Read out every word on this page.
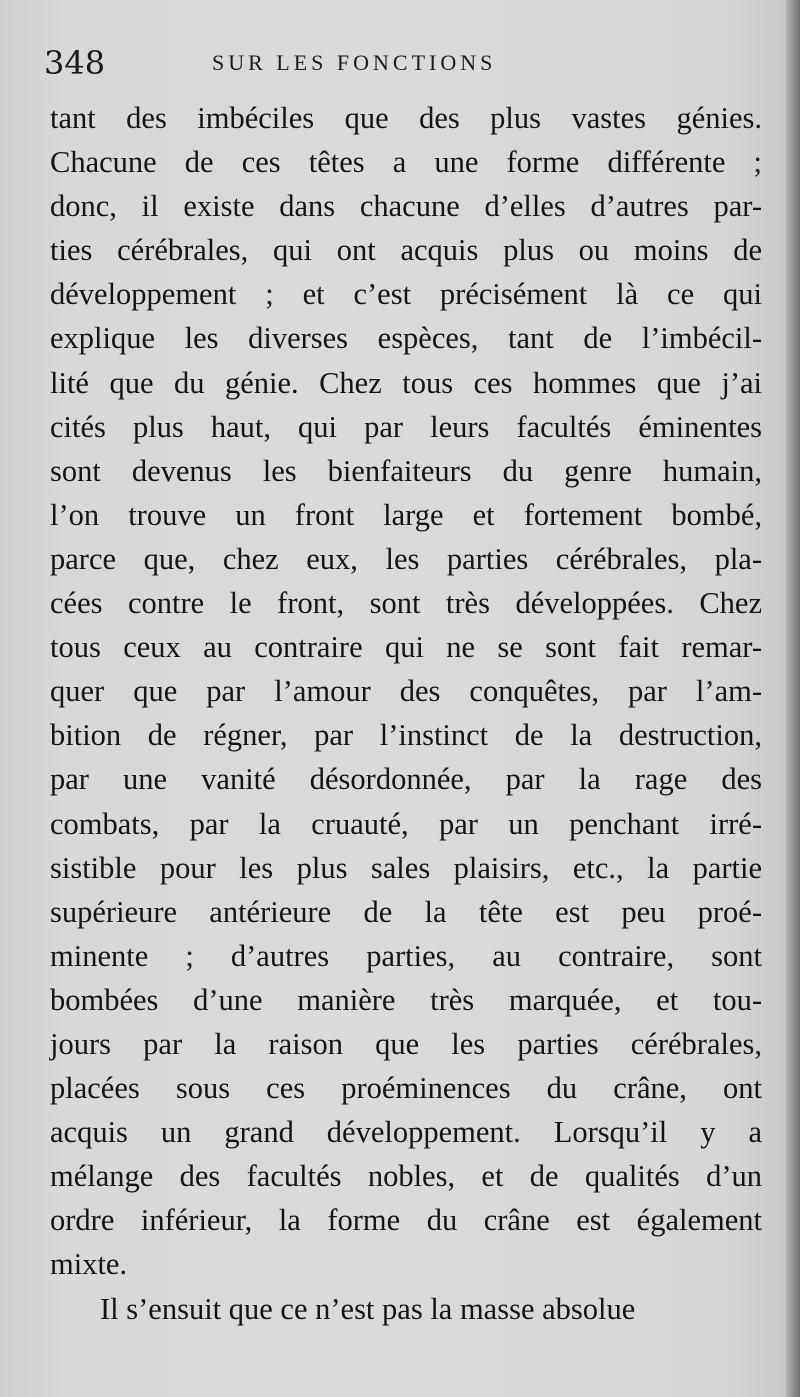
348	SUR LES FONCTIONS
tant des imbéciles que des plus vastes génies.
Chacune de ces têtes a une forme différente ;
donc, il existe dans chacune d’elles d’autres par-
ties cérébrales, qui ont acquis plus ou moins de
développement ; et c’est précisément là ce qui
explique les diverses espèces, tant de l’imbécil-
lité que du génie. Chez tous ces hommes que j’ai
cités plus haut, qui par leurs facultés éminentes
sont devenus les bienfaiteurs du genre humain,
l’on trouve un front large et fortement bombé,
parce que, chez eux, les parties cérébrales, pla-
cées contre le front, sont très développées. Chez
tous ceux au contraire qui ne se sont fait remar-
quer que par l’amour des conquêtes, par l’am-
bition de régner, par l’instinct de la destruction,
par une vanité désordonnée, par la rage des
combats, par la cruauté, par un penchant irré-
sistible pour les plus sales plaisirs, etc., la partie
supérieure antérieure de la tête est peu proé-
minente ; d’autres parties, au contraire, sont
bombées d’une manière très marquée, et tou-
jours par la raison que les parties cérébrales,
placées sous ces proéminences du crâne, ont
acquis un grand développement. Lorsqu’il y a
mélange des facultés nobles, et de qualités d’un
ordre inférieur, la forme du crâne est également
mixte.
Il s’ensuit que ce n’est pas la masse absolue
